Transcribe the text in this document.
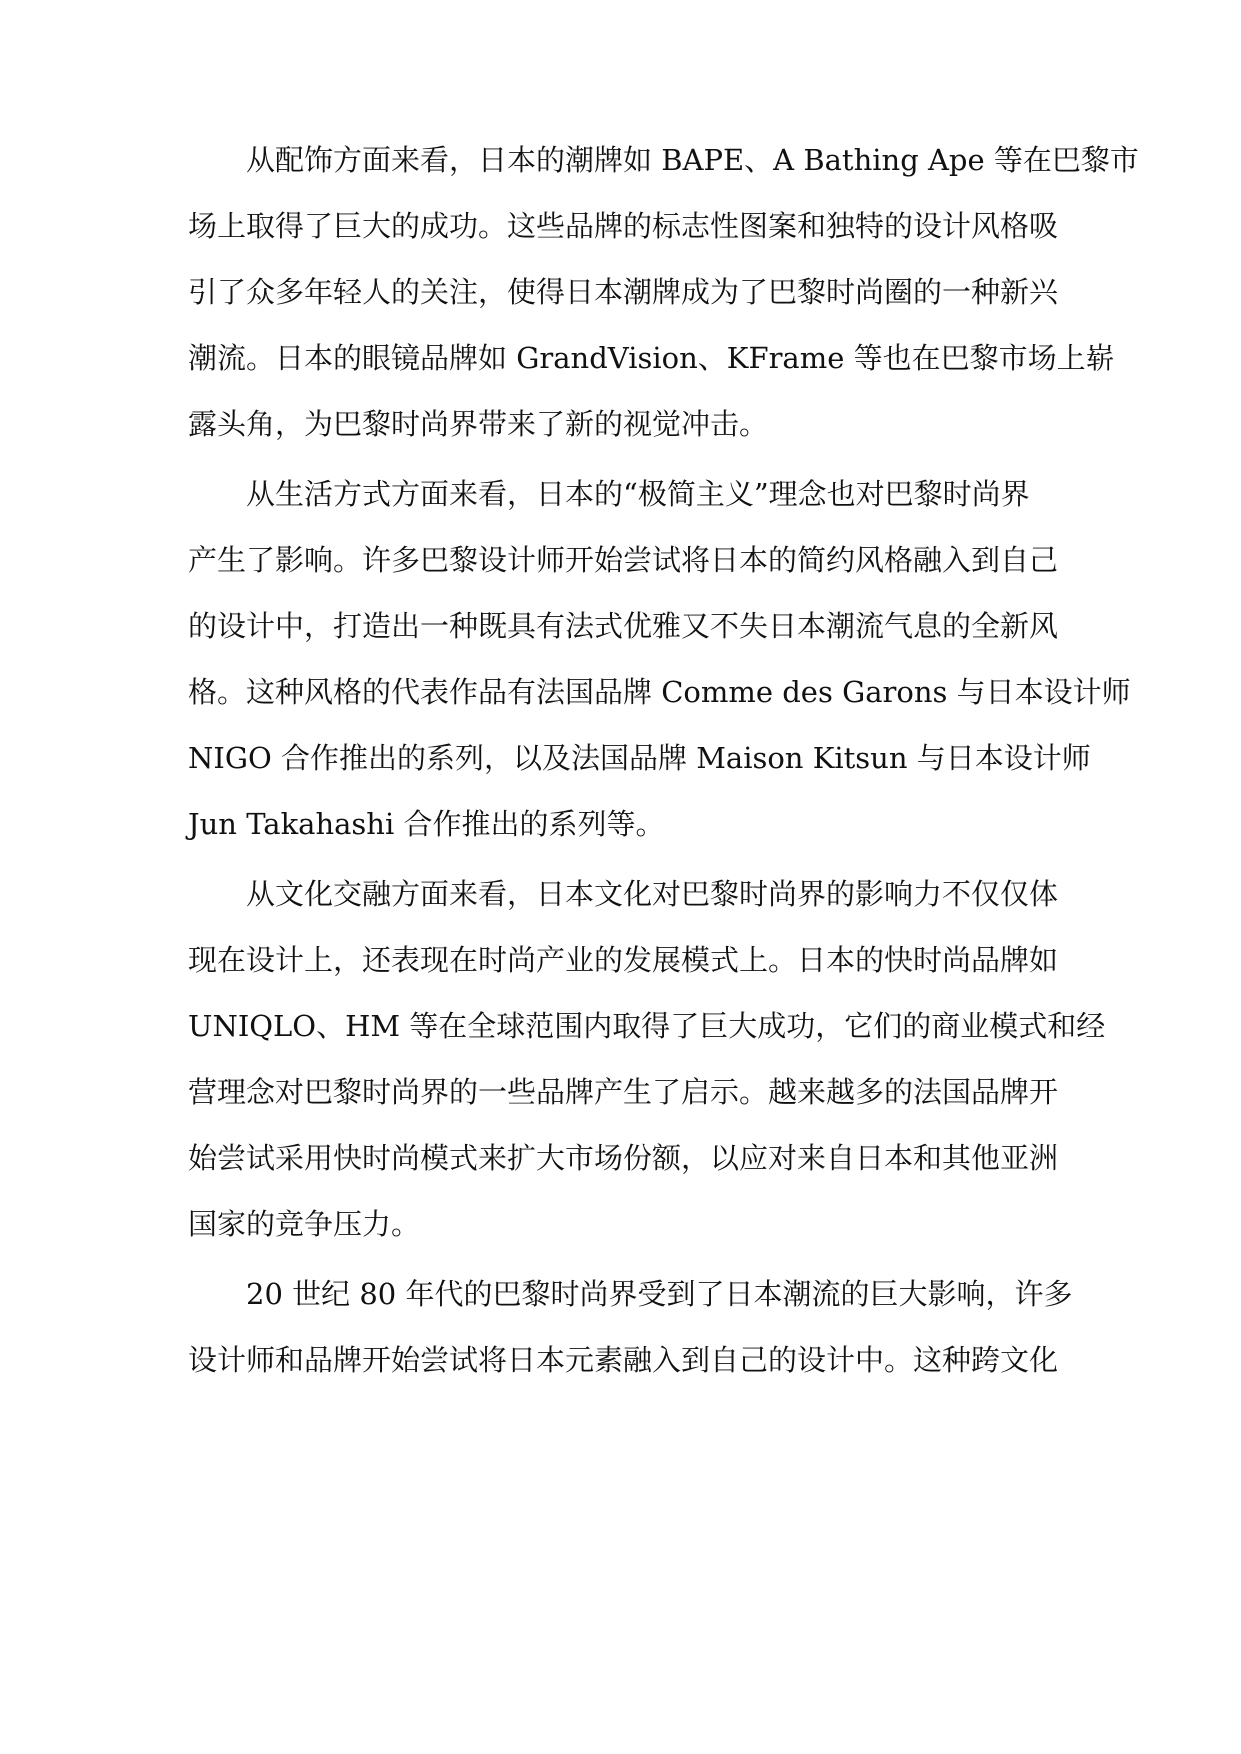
从配饰方面来看，日本的潮牌如 BAPE、A Bathing Ape 等在巴黎市
场上取得了巨大的成功。这些品牌的标志性图案和独特的设计风格吸
引了众多年轻人的关注，使得日本潮牌成为了巴黎时尚圈的一种新兴
潮流。日本的眼镜品牌如 GrandVision、KFrame 等也在巴黎市场上崭
露头角，为巴黎时尚界带来了新的视觉冲击。
从生活方式方面来看，日本的“极简主义”理念也对巴黎时尚界
产生了影响。许多巴黎设计师开始尝试将日本的简约风格融入到自己
的设计中，打造出一种既具有法式优雅又不失日本潮流气息的全新风
格。这种风格的代表作品有法国品牌 Comme des Garons 与日本设计师
NIGO 合作推出的系列，以及法国品牌 Maison Kitsun 与日本设计师
Jun Takahashi 合作推出的系列等。
从文化交融方面来看，日本文化对巴黎时尚界的影响力不仅仅体
现在设计上，还表现在时尚产业的发展模式上。日本的快时尚品牌如
UNIQLO、HM 等在全球范围内取得了巨大成功，它们的商业模式和经
营理念对巴黎时尚界的一些品牌产生了启示。越来越多的法国品牌开
始尝试采用快时尚模式来扩大市场份额，以应对来自日本和其他亚洲
国家的竞争压力。
20 世纪 80 年代的巴黎时尚界受到了日本潮流的巨大影响，许多
设计师和品牌开始尝试将日本元素融入到自己的设计中。这种跨文化
